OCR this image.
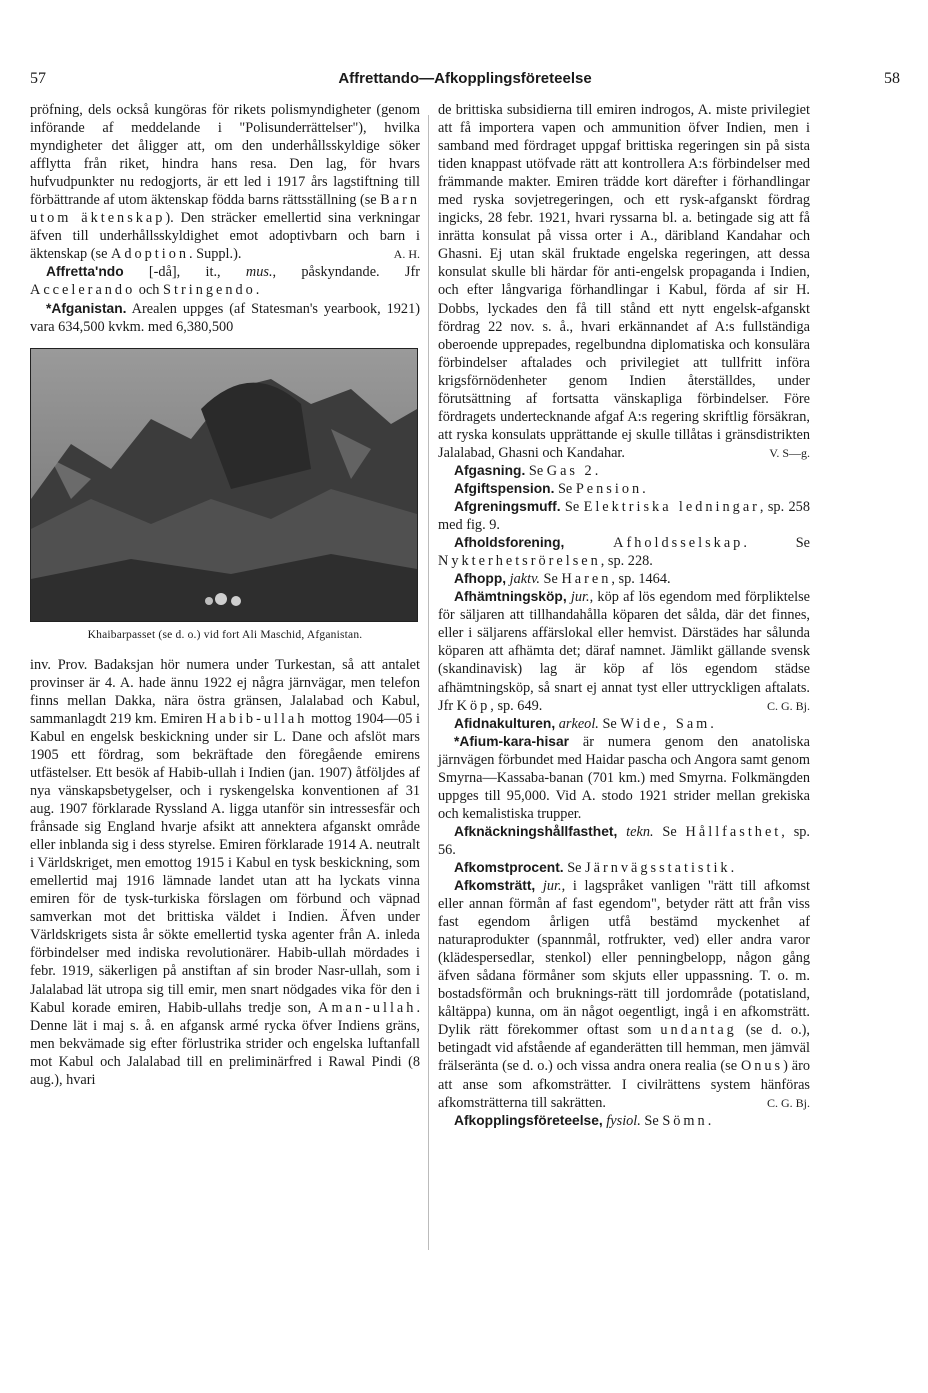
57	Affrettando—Afkopplingsföreteelse	58

pröfning, dels också kungöras för rikets polismyndigheter (genom införande af meddelande i "Polisunderrättelser"), hvilka myndigheter det åligger att, om den underhållsskyldige söker afflytta från riket, hindra hans resa. Den lag, för hvars hufvudpunkter nu redogjorts, är ett led i 1917 års lagstiftning till förbättrande af utom äktenskap födda barns rättsställning (se Barn utom äktenskap). Den sträcker emellertid sina verkningar äfven till underhållsskyldighet emot adoptivbarn och barn i äktenskap (se Adoption. Suppl.).	A. H.

Affretta'ndo [-då], it., mus., påskyndande. Jfr Accelerando och Stringendo.

*Afganistan. Arealen uppges (af Statesman's yearbook, 1921) vara 634,500 kvkm. med 6,380,500

Khaibarpasset (se d. o.) vid fort Ali Maschid, Afganistan.

inv. Prov. Badaksjan hör numera under Turkestan, så att antalet provinser är 4. A. hade ännu 1922 ej några järnvägar, men telefon finns mellan Dakka, nära östra gränsen, Jalalabad och Kabul, sammanlagdt 219 km. Emiren Habib-ullah mottog 1904—05 i Kabul en engelsk beskickning under sir L. Dane och afslöt mars 1905 ett fördrag, som bekräftade den föregående emirens utfästelser. Ett besök af Habib-ullah i Indien (jan. 1907) åtföljdes af nya vänskapsbetygelser, och i ryskengelska konventionen af 31 aug. 1907 förklarade Ryssland A. ligga utanför sin intressesfär och frånsade sig England hvarje afsikt att annektera afganskt område eller inblanda sig i dess styrelse. Emiren förklarade 1914 A. neutralt i Världskriget, men emottog 1915 i Kabul en tysk beskickning, som emellertid maj 1916 lämnade landet utan att ha lyckats vinna emiren för de tysk-turkiska förslagen om förbund och väpnad samverkan mot det brittiska väldet i Indien. Äfven under Världskrigets sista år sökte emellertid tyska agenter från A. inleda förbindelser med indiska revolutionärer. Habib-ullah mördades i febr. 1919, säkerligen på anstiftan af sin broder Nasr-ullah, som i Jalalabad lät utropa sig till emir, men snart nödgades vika för den i Kabul korade emiren, Habib-ullahs tredje son, Aman-ullah. Denne lät i maj s. å. en afgansk armé rycka öfver Indiens gräns, men bekvämade sig efter förlustrika strider och engelska luftanfall mot Kabul och Jalalabad till en preliminärfred i Rawal Pindi (8 aug.), hvari

de brittiska subsidierna till emiren indrogos, A. miste privilegiet att få importera vapen och ammunition öfver Indien, men i samband med fördraget uppgaf brittiska regeringen sin på sista tiden knappast utöfvade rätt att kontrollera A:s förbindelser med främmande makter. Emiren trädde kort därefter i förhandlingar med ryska sovjetregeringen, och ett rysk-afganskt fördrag ingicks, 28 febr. 1921, hvari ryssarna bl. a. betingade sig att få inrätta konsulat på vissa orter i A., däribland Kandahar och Ghasni. Ej utan skäl fruktade engelska regeringen, att dessa konsulat skulle bli härdar för anti-engelsk propaganda i Indien, och efter långvariga förhandlingar i Kabul, förda af sir H. Dobbs, lyckades den få till stånd ett nytt engelsk-afganskt fördrag 22 nov. s. å., hvari erkännandet af A:s fullständiga oberoende upprepades, regelbundna diplomatiska och konsulära förbindelser aftalades och privilegiet att tullfritt införa krigsförnödenheter genom Indien återställdes, under förutsättning af fortsatta vänskapliga förbindelser. Före fördragets undertecknande afgaf A:s regering skriftlig försäkran, att ryska konsulats upprättande ej skulle tillåtas i gränsdistrikten Jalalabad, Ghasni och Kandahar.	V. S—g.

Afgasning. Se Gas 2.

Afgiftspension. Se Pension.

Afgreningsmuff. Se Elektriska ledningar, sp. 258 med fig. 9.

Afholdsforening,	Afholdsselskap. Se Nykterhetsrörelsen, sp. 228.

Afhopp, jaktv. Se Haren, sp. 1464.

Afhämtningsköp, jur., köp af lös egendom med förpliktelse för säljaren att tillhandahålla köparen det sålda, där det finnes, eller i säljarens affärslokal eller hemvist. Därstädes har sålunda köparen att afhämta det; däraf namnet. Jämlikt gällande svensk (skandinavisk) lag är köp af lös egendom städse afhämtningsköp, så snart ej annat tyst eller uttryckligen aftalats. Jfr Köp, sp. 649.	C. G. Bj.

Afidnakulturen, arkeol. Se Wide, Sam.

*Afium-kara-hisar är numera genom den anatoliska järnvägen förbundet med Haidar pascha och Angora samt genom Smyrna—Kassaba-banan (701 km.) med Smyrna. Folkmängden uppges till 95,000. Vid A. stodo 1921 strider mellan grekiska och kemalistiska trupper.

Afknäckningshållfasthet, tekn. Se Hållfasthet, sp. 56.

Afkomstprocent. Se Järnvägsstatistik.

Afkomsträtt, jur., i lagspråket vanligen "rätt till afkomst eller annan förmån af fast egendom", betyder rätt att från viss fast egendom årligen utfå bestämd myckenhet af naturaprodukter (spannmål, rotfrukter, ved) eller andra varor (klädespersedlar, stenkol) eller penningbelopp, någon gång äfven sådana förmåner som skjuts eller uppassning. T. o. m. bostadsförmån och bruknings-rätt till jordområde (potatisland, kåltäppa) kunna, om än något oegentligt, ingå i en afkomsträtt. Dylik rätt förekommer oftast som undantag (se d. o.), betingadt vid afstående af eganderätten till hemman, men jämväl frälseränta (se d. o.) och vissa andra onera realia (se Onus) äro att anse som afkomsträtter. I civilrättens system hänföras afkomsträtterna till sakrätten.	C. G. Bj.

Afkopplingsföreteelse, fysiol. Se Sömn.
